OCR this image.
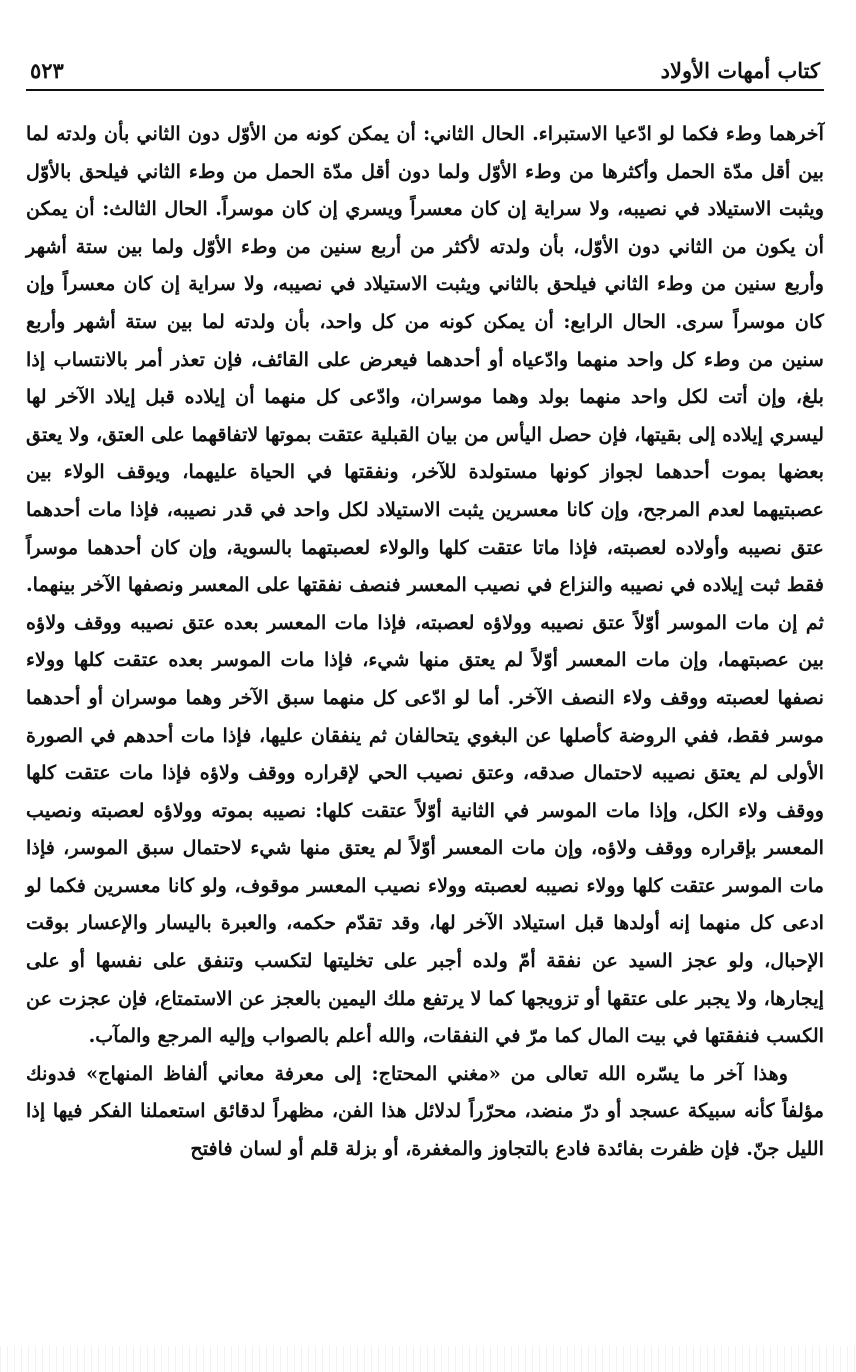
كتاب أمهات الأولاد
٥٢٣

آخرهما وطء فكما لو ادّعيا الاستبراء. الحال الثاني: أن يمكن كونه من الأوّل دون الثاني بأن ولدته لما بين أقل مدّة الحمل وأكثرها من وطء الأوّل ولما دون أقل مدّة الحمل من وطء الثاني فيلحق بالأوّل ويثبت الاستيلاد في نصيبه، ولا سراية إن كان معسراً ويسري إن كان موسراً. الحال الثالث: أن يمكن أن يكون من الثاني دون الأوّل، بأن ولدته لأكثر من أربع سنين من وطء الأوّل ولما بين ستة أشهر وأربع سنين من وطء الثاني فيلحق بالثاني ويثبت الاستيلاد في نصيبه، ولا سراية إن كان معسراً وإن كان موسراً سرى. الحال الرابع: أن يمكن كونه من كل واحد، بأن ولدته لما بين ستة أشهر وأربع سنين من وطء كل واحد منهما وادّعياه أو أحدهما فيعرض على القائف، فإن تعذر أمر بالانتساب إذا بلغ، وإن أتت لكل واحد منهما بولد وهما موسران، وادّعى كل منهما أن إيلاده قبل إيلاد الآخر لها ليسري إيلاده إلى بقيتها، فإن حصل اليأس من بيان القبلية عتقت بموتها لاتفاقهما على العتق، ولا يعتق بعضها بموت أحدهما لجواز كونها مستولدة للآخر، ونفقتها في الحياة عليهما، ويوقف الولاء بين عصبتيهما لعدم المرجح، وإن كانا معسرين يثبت الاستيلاد لكل واحد في قدر نصيبه، فإذا مات أحدهما عتق نصيبه وأولاده لعصبته، فإذا ماتا عتقت كلها والولاء لعصبتهما بالسوية، وإن كان أحدهما موسراً فقط ثبت إيلاده في نصيبه والنزاع في نصيب المعسر فنصف نفقتها على المعسر ونصفها الآخر بينهما. ثم إن مات الموسر أوّلاً عتق نصيبه وولاؤه لعصبته، فإذا مات المعسر بعده عتق نصيبه ووقف ولاؤه بين عصبتهما، وإن مات المعسر أوّلاً لم يعتق منها شيء، فإذا مات الموسر بعده عتقت كلها وولاء نصفها لعصبته ووقف ولاء النصف الآخر. أما لو ادّعى كل منهما سبق الآخر وهما موسران أو أحدهما موسر فقط، ففي الروضة كأصلها عن البغوي يتحالفان ثم ينفقان عليها، فإذا مات أحدهم في الصورة الأولى لم يعتق نصيبه لاحتمال صدقه، وعتق نصيب الحي لإقراره ووقف ولاؤه فإذا مات عتقت كلها ووقف ولاء الكل، وإذا مات الموسر في الثانية أوّلاً عتقت كلها: نصيبه بموته وولاؤه لعصبته ونصيب المعسر بإقراره ووقف ولاؤه، وإن مات المعسر أوّلاً لم يعتق منها شيء لاحتمال سبق الموسر، فإذا مات الموسر عتقت كلها وولاء نصيبه لعصبته وولاء نصيب المعسر موقوف، ولو كانا معسرين فكما لو ادعى كل منهما إنه أولدها قبل استيلاد الآخر لها، وقد تقدّم حكمه، والعبرة باليسار والإعسار بوقت الإحبال، ولو عجز السيد عن نفقة أمّ ولده أجبر على تخليتها لتكسب وتنفق على نفسها أو على إيجارها، ولا يجبر على عتقها أو تزويجها كما لا يرتفع ملك اليمين بالعجز عن الاستمتاع، فإن عجزت عن الكسب فنفقتها في بيت المال كما مرّ في النفقات، والله أعلم بالصواب وإليه المرجع والمآب.

وهذا آخر ما يسّره الله تعالى من «مغني المحتاج: إلى معرفة معاني ألفاظ المنهاج» فدونك مؤلفاً كأنه سبيكة عسجد أو درّ منضد، محرّراً لدلائل هذا الفن، مظهراً لدقائق استعملنا الفكر فيها إذا الليل جنّ. فإن ظفرت بفائدة فادع بالتجاوز والمغفرة، أو بزلة قلم أو لسان فافتح
